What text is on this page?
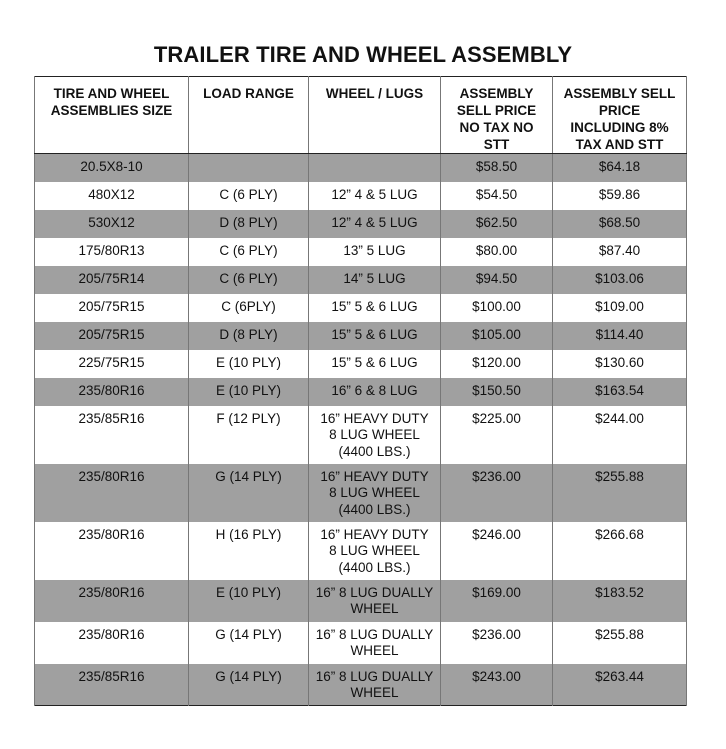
TRAILER TIRE AND WHEEL ASSEMBLY
TIRE AND WHEEL ASSEMBLIES SIZE	LOAD RANGE	WHEEL / LUGS	ASSEMBLY SELL PRICE NO TAX NO STT	ASSEMBLY SELL PRICE INCLUDING 8% TAX AND STT
20.5X8-10			$58.50	$64.18
480X12	C (6 PLY)	12” 4 & 5 LUG	$54.50	$59.86
530X12	D (8 PLY)	12” 4 & 5 LUG	$62.50	$68.50
175/80R13	C (6 PLY)	13” 5 LUG	$80.00	$87.40
205/75R14	C (6 PLY)	14” 5 LUG	$94.50	$103.06
205/75R15	C (6PLY)	15” 5 & 6 LUG	$100.00	$109.00
205/75R15	D (8 PLY)	15” 5 & 6 LUG	$105.00	$114.40
225/75R15	E (10 PLY)	15” 5 & 6 LUG	$120.00	$130.60
235/80R16	E (10 PLY)	16” 6 & 8 LUG	$150.50	$163.54
235/85R16	F (12 PLY)	16” HEAVY DUTY 8 LUG WHEEL (4400 LBS.)	$225.00	$244.00
235/80R16	G (14 PLY)	16” HEAVY DUTY 8 LUG WHEEL (4400 LBS.)	$236.00	$255.88
235/80R16	H (16 PLY)	16” HEAVY DUTY 8 LUG WHEEL (4400 LBS.)	$246.00	$266.68
235/80R16	E (10 PLY)	16” 8 LUG DUALLY WHEEL	$169.00	$183.52
235/80R16	G (14 PLY)	16” 8 LUG DUALLY WHEEL	$236.00	$255.88
235/85R16	G (14 PLY)	16” 8 LUG DUALLY WHEEL	$243.00	$263.44
